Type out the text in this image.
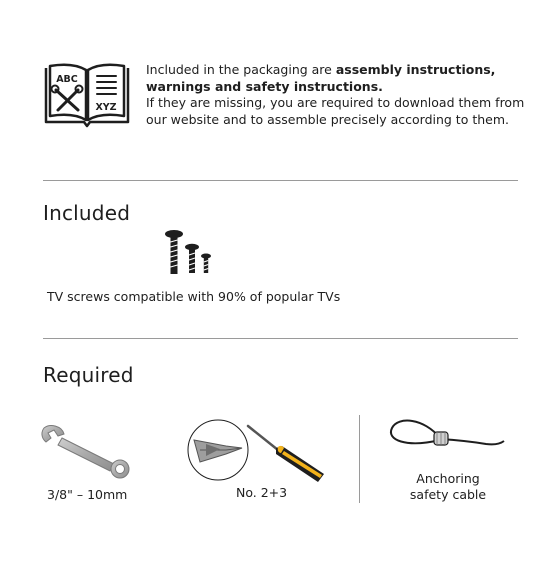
ABC
XYZ
Included in the packaging are assembly instructions,
warnings and safety instructions.
If they are missing, you are required to download them from our website and to assemble precisely according to them.
Included
TV screws compatible with 90% of popular TVs
Required
3/8" – 10mm	No. 2+3
Anchoring
safety cable
